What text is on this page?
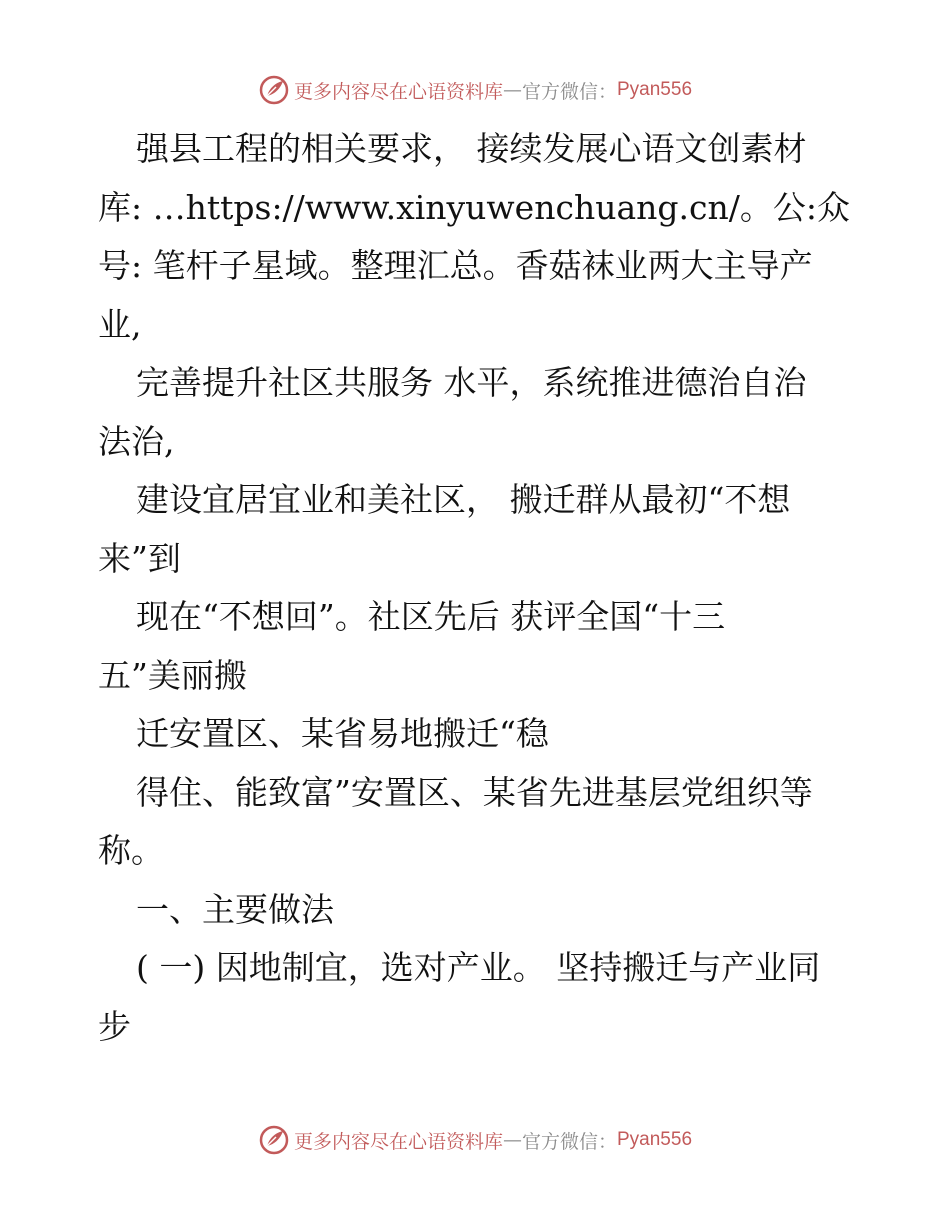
更多内容尽在心语资料库 — 官方微信： Pyan556
强县工程的相关要求， 接续发展心语文创素材
库: …https://www.xinyuwenchuang.cn/。公:众
号: 笔杆子星域。整理汇总。香菇袜业两大主导产
业,
完善提升社区共服务 水平，系统推进德治自治
法治,
建设宜居宜业和美社区， 搬迁群从最初“不想
来”到
现在“不想回”。社区先后 获评全国“十三
五”美丽搬
迁安置区、某省易地搬迁“稳
得住、能致富”安置区、某省先进基层党组织等
称。
一、主要做法
( 一) 因地制宜，选对产业。 坚持搬迁与产业同
步
更多内容尽在心语资料库 — 官方微信： Pyan556
